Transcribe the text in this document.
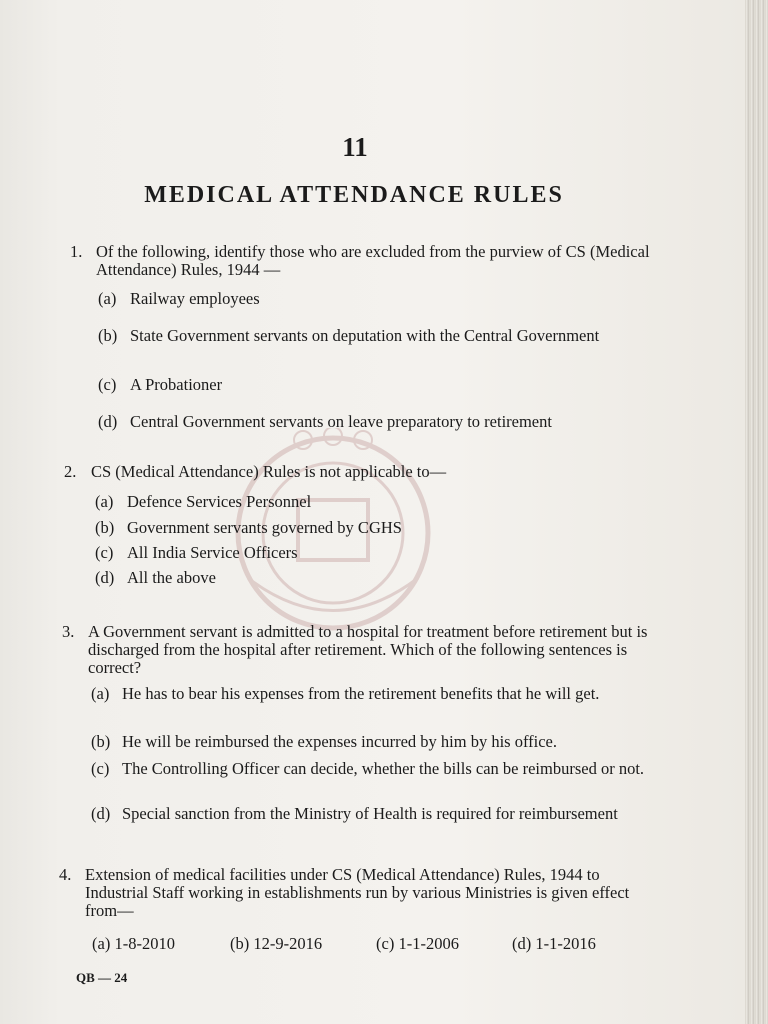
11
MEDICAL ATTENDANCE RULES
1. Of the following, identify those who are excluded from the purview of CS (Medical Attendance) Rules, 1944 —
(a) Railway employees
(b) State Government servants on deputation with the Central Government
(c) A Probationer
(d) Central Government servants on leave preparatory to retirement
2. CS (Medical Attendance) Rules is not applicable to—
(a) Defence Services Personnel
(b) Government servants governed by CGHS
(c) All India Service Officers
(d) All the above
3. A Government servant is admitted to a hospital for treatment before retirement but is discharged from the hospital after retirement. Which of the following sentences is correct?
(a) He has to bear his expenses from the retirement benefits that he will get.
(b) He will be reimbursed the expenses incurred by him by his office.
(c) The Controlling Officer can decide, whether the bills can be reimbursed or not.
(d) Special sanction from the Ministry of Health is required for reimbursement
4. Extension of medical facilities under CS (Medical Attendance) Rules, 1944 to Industrial Staff working in establishments run by various Ministries is given effect from—
(a) 1-8-2010	(b) 12-9-2016	(c) 1-1-2006	(d) 1-1-2016
QB — 24
